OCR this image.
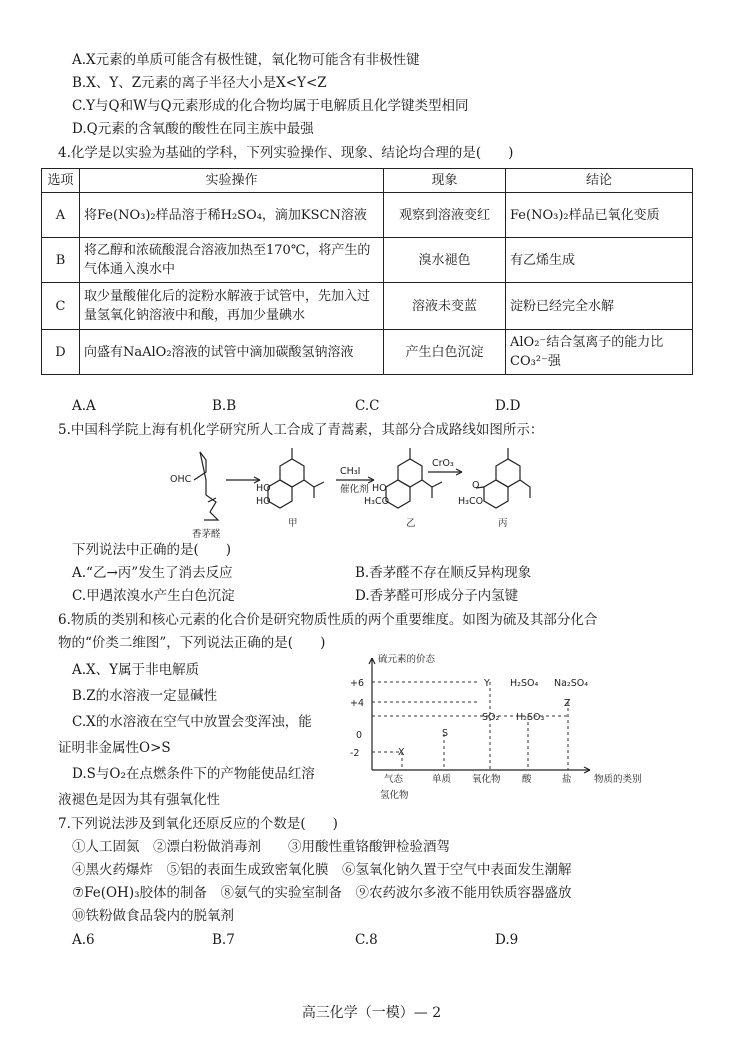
A.X元素的单质可能含有极性键，氧化物可能含有非极性键
B.X、Y、Z元素的离子半径大小是X<Y<Z
C.Y与Q和W与Q元素形成的化合物均属于电解质且化学键类型相同
D.Q元素的含氧酸的酸性在同主族中最强
4.化学是以实验为基础的学科，下列实验操作、现象、结论均合理的是(　　)
选项	实验操作	现象	结论
A	将Fe(NO₃)₂样品溶于稀H₂SO₄，滴加KSCN溶液	观察到溶液变红	Fe(NO₃)₂样品已氧化变质
B	将乙醇和浓硫酸混合溶液加热至170℃，将产生的气体通入溴水中	溴水褪色	有乙烯生成
C	取少量酸催化后的淀粉水解液于试管中，先加入过量氢氧化钠溶液中和酸，再加少量碘水	溶液未变蓝	淀粉已经完全水解
D	向盛有NaAlO₂溶液的试管中滴加碳酸氢钠溶液	产生白色沉淀	AlO₂⁻结合氢离子的能力比CO₃²⁻强
A.A	B.B	C.C	D.D
5.中国科学院上海有机化学研究所人工合成了青蒿素，其部分合成路线如图所示：
OHC
香茅醛
HO
HO
甲
CH₃I
催化剂 HO
H₃CO
乙
CrO₃
O
H₃CO
丙
下列说法中正确的是(　　)
A.“乙→丙”发生了消去反应	B.香茅醛不存在顺反异构现象
C.甲遇浓溴水产生白色沉淀	D.香茅醛可形成分子内氢键
6.物质的类别和核心元素的化合价是研究物质性质的两个重要维度。如图为硫及其部分化合
物的“价类二维图”，下列说法正确的是(　　)
A.X、Y属于非电解质
B.Z的水溶液一定显碱性
C.X的水溶液在空气中放置会变浑浊，能
证明非金属性O>S
D.S与O₂在点燃条件下的产物能使品红溶
液褪色是因为其有强氧化性
硫元素的价态
+6
+4
0
-2
气态
氢化物
单质 氧化物 酸	盐 物质的类别
X
S
SO₂
Y
H₂SO₃
H₂SO₄ Na₂SO₄
Z
7.下列说法涉及到氧化还原反应的个数是(　　)
①人工固氮　②漂白粉做消毒剂　　③用酸性重铬酸钾检验酒驾
④黑火药爆炸　⑤铝的表面生成致密氧化膜　⑥氢氧化钠久置于空气中表面发生潮解
⑦Fe(OH)₃胶体的制备　⑧氨气的实验室制备　⑨农药波尔多液不能用铁质容器盛放
⑩铁粉做食品袋内的脱氧剂
A.6	B.7	C.8	D.9
高三化学（一模）— 2
